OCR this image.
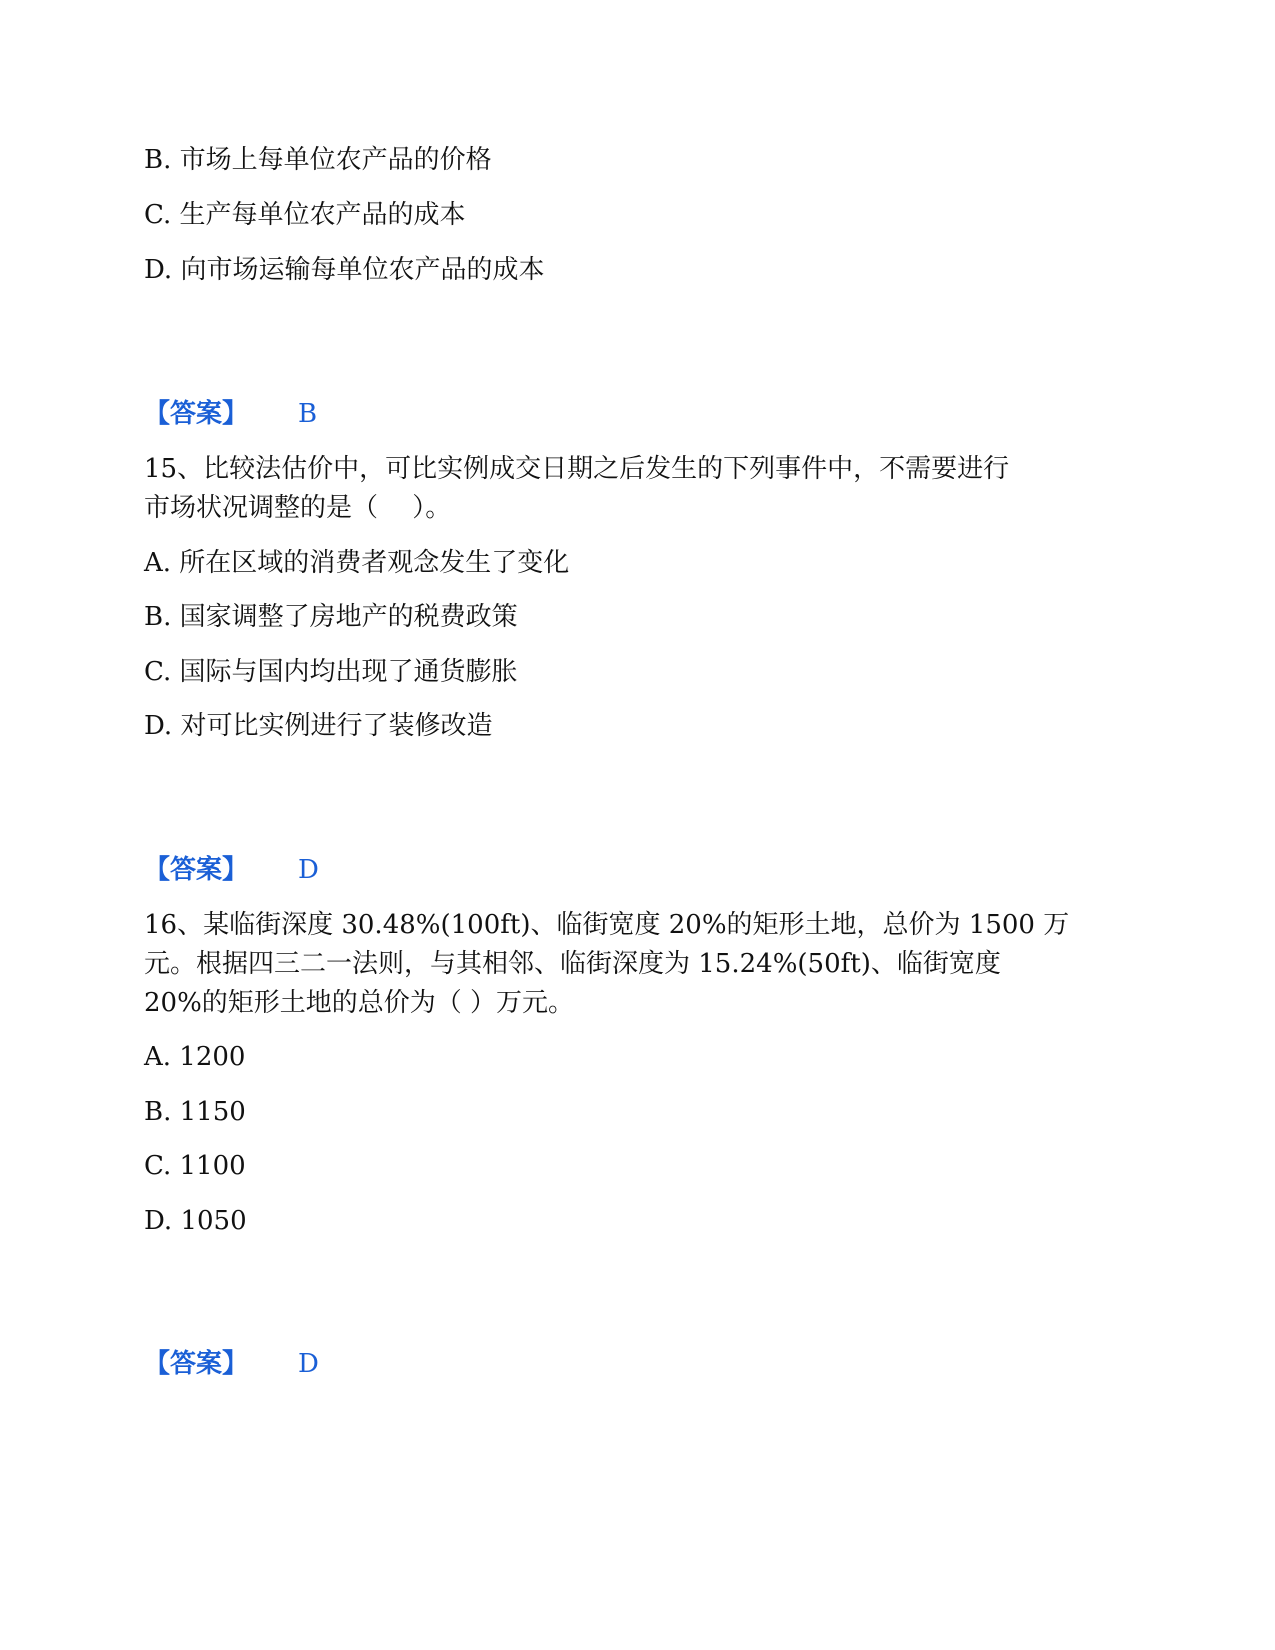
B. 市场上每单位农产品的价格
C. 生产每单位农产品的成本
D. 向市场运输每单位农产品的成本
【答案】 B
15、比较法估价中，可比实例成交日期之后发生的下列事件中，不需要进行
市场状况调整的是（　 ）。
A. 所在区域的消费者观念发生了变化
B. 国家调整了房地产的税费政策
C. 国际与国内均出现了通货膨胀
D. 对可比实例进行了装修改造
【答案】 D
16、某临街深度 30.48%(100ft)、临街宽度 20%的矩形土地，总价为 1500 万
元。根据四三二一法则，与其相邻、临街深度为 15.24%(50ft)、临街宽度
20%的矩形土地的总价为（ ）万元。
A. 1200
B. 1150
C. 1100
D. 1050
【答案】 D
